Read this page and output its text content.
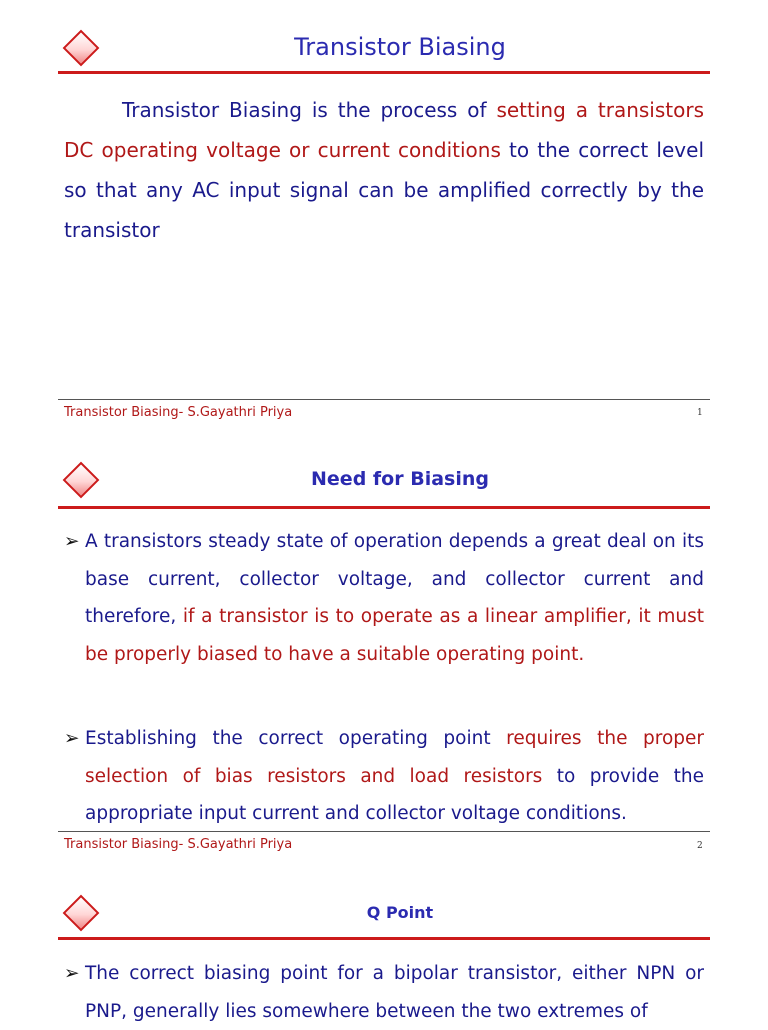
Transistor Biasing
Transistor Biasing is the process of setting a transistors DC operating voltage or current conditions to the correct level so that any AC input signal can be amplified correctly by the transistor
Transistor Biasing- S.Gayathri Priya	1
Need for Biasing
➢ A transistors steady state of operation depends a great deal on its base current, collector voltage, and collector current and therefore, if a transistor is to operate as a linear amplifier, it must be properly biased to have a suitable operating point.
➢ Establishing the correct operating point requires the proper selection of bias resistors and load resistors to provide the appropriate input current and collector voltage conditions.
Transistor Biasing- S.Gayathri Priya	2
Q Point
➢ The correct biasing point for a bipolar transistor, either NPN or PNP, generally lies somewhere between the two extremes of
